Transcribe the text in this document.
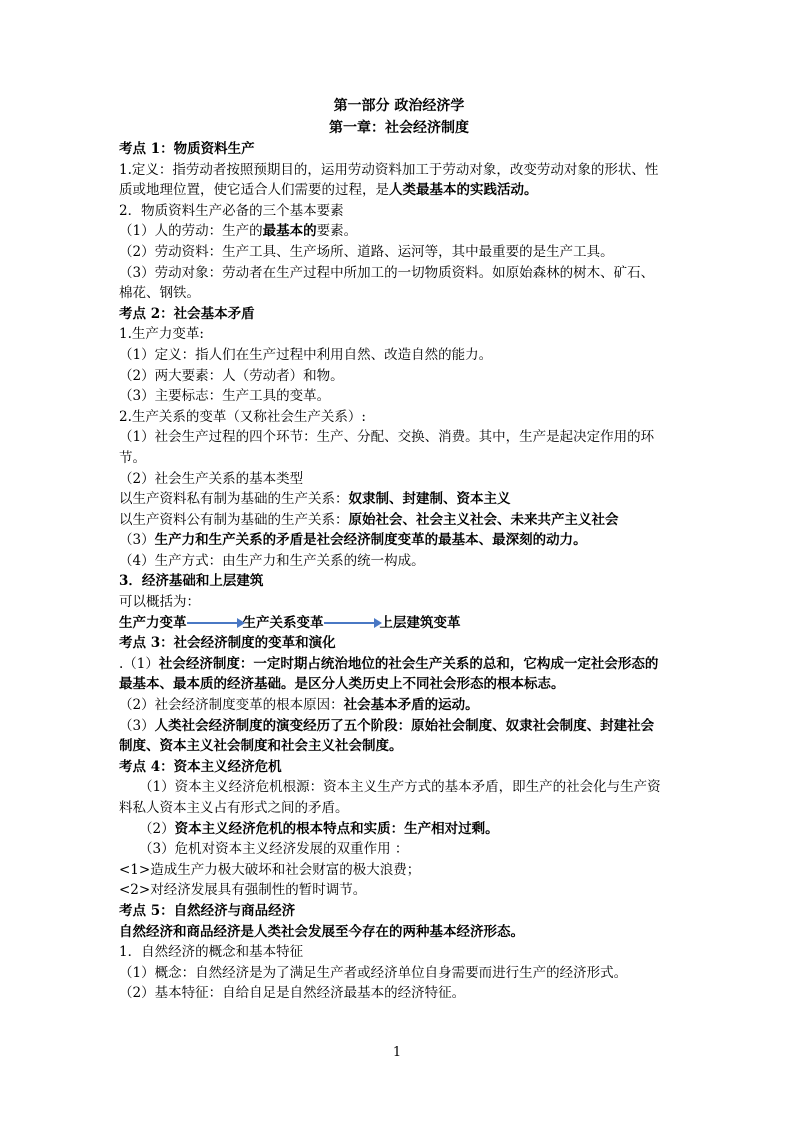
第一部分 政治经济学
第一章：社会经济制度
考点 1：物质资料生产
1.定义：指劳动者按照预期目的，运用劳动资料加工于劳动对象，改变劳动对象的形状、性
质或地理位置，使它适合人们需要的过程，是人类最基本的实践活动。
2．物质资料生产必备的三个基本要素
（1）人的劳动：生产的最基本的要素。
（2）劳动资料：生产工具、生产场所、道路、运河等，其中最重要的是生产工具。
（3）劳动对象：劳动者在生产过程中所加工的一切物质资料。如原始森林的树木、矿石、
棉花、钢铁。
考点 2：社会基本矛盾
1.生产力变革:
（1）定义：指人们在生产过程中利用自然、改造自然的能力。
（2）两大要素：人（劳动者）和物。
（3）主要标志：生产工具的变革。
2.生产关系的变革（又称社会生产关系）:
（1）社会生产过程的四个环节：生产、分配、交换、消费。其中，生产是起决定作用的环
节。
（2）社会生产关系的基本类型
以生产资料私有制为基础的生产关系：奴隶制、封建制、资本主义
以生产资料公有制为基础的生产关系：原始社会、社会主义社会、未来共产主义社会
（3）生产力和生产关系的矛盾是社会经济制度变革的最基本、最深刻的动力。
（4）生产方式：由生产力和生产关系的统一构成。
3．经济基础和上层建筑
可以概括为：
生产力变革	生产关系变革	上层建筑变革
考点 3：社会经济制度的变革和演化
.（1）社会经济制度：一定时期占统治地位的社会生产关系的总和，它构成一定社会形态的
最基本、最本质的经济基础。是区分人类历史上不同社会形态的根本标志。
（2）社会经济制度变革的根本原因：社会基本矛盾的运动。
（3）人类社会经济制度的演变经历了五个阶段：原始社会制度、奴隶社会制度、封建社会
制度、资本主义社会制度和社会主义社会制度。
考点 4：资本主义经济危机
（1）资本主义经济危机根源：资本主义生产方式的基本矛盾，即生产的社会化与生产资
料私人资本主义占有形式之间的矛盾。
（2）资本主义经济危机的根本特点和实质：生产相对过剩。
（3）危机对资本主义经济发展的双重作用 ：
<1>造成生产力极大破坏和社会财富的极大浪费；
<2>对经济发展具有强制性的暂时调节。
考点 5：自然经济与商品经济
自然经济和商品经济是人类社会发展至今存在的两种基本经济形态。
1．自然经济的概念和基本特征
（1）概念：自然经济是为了满足生产者或经济单位自身需要而进行生产的经济形式。
（2）基本特征：自给自足是自然经济最基本的经济特征。
1
